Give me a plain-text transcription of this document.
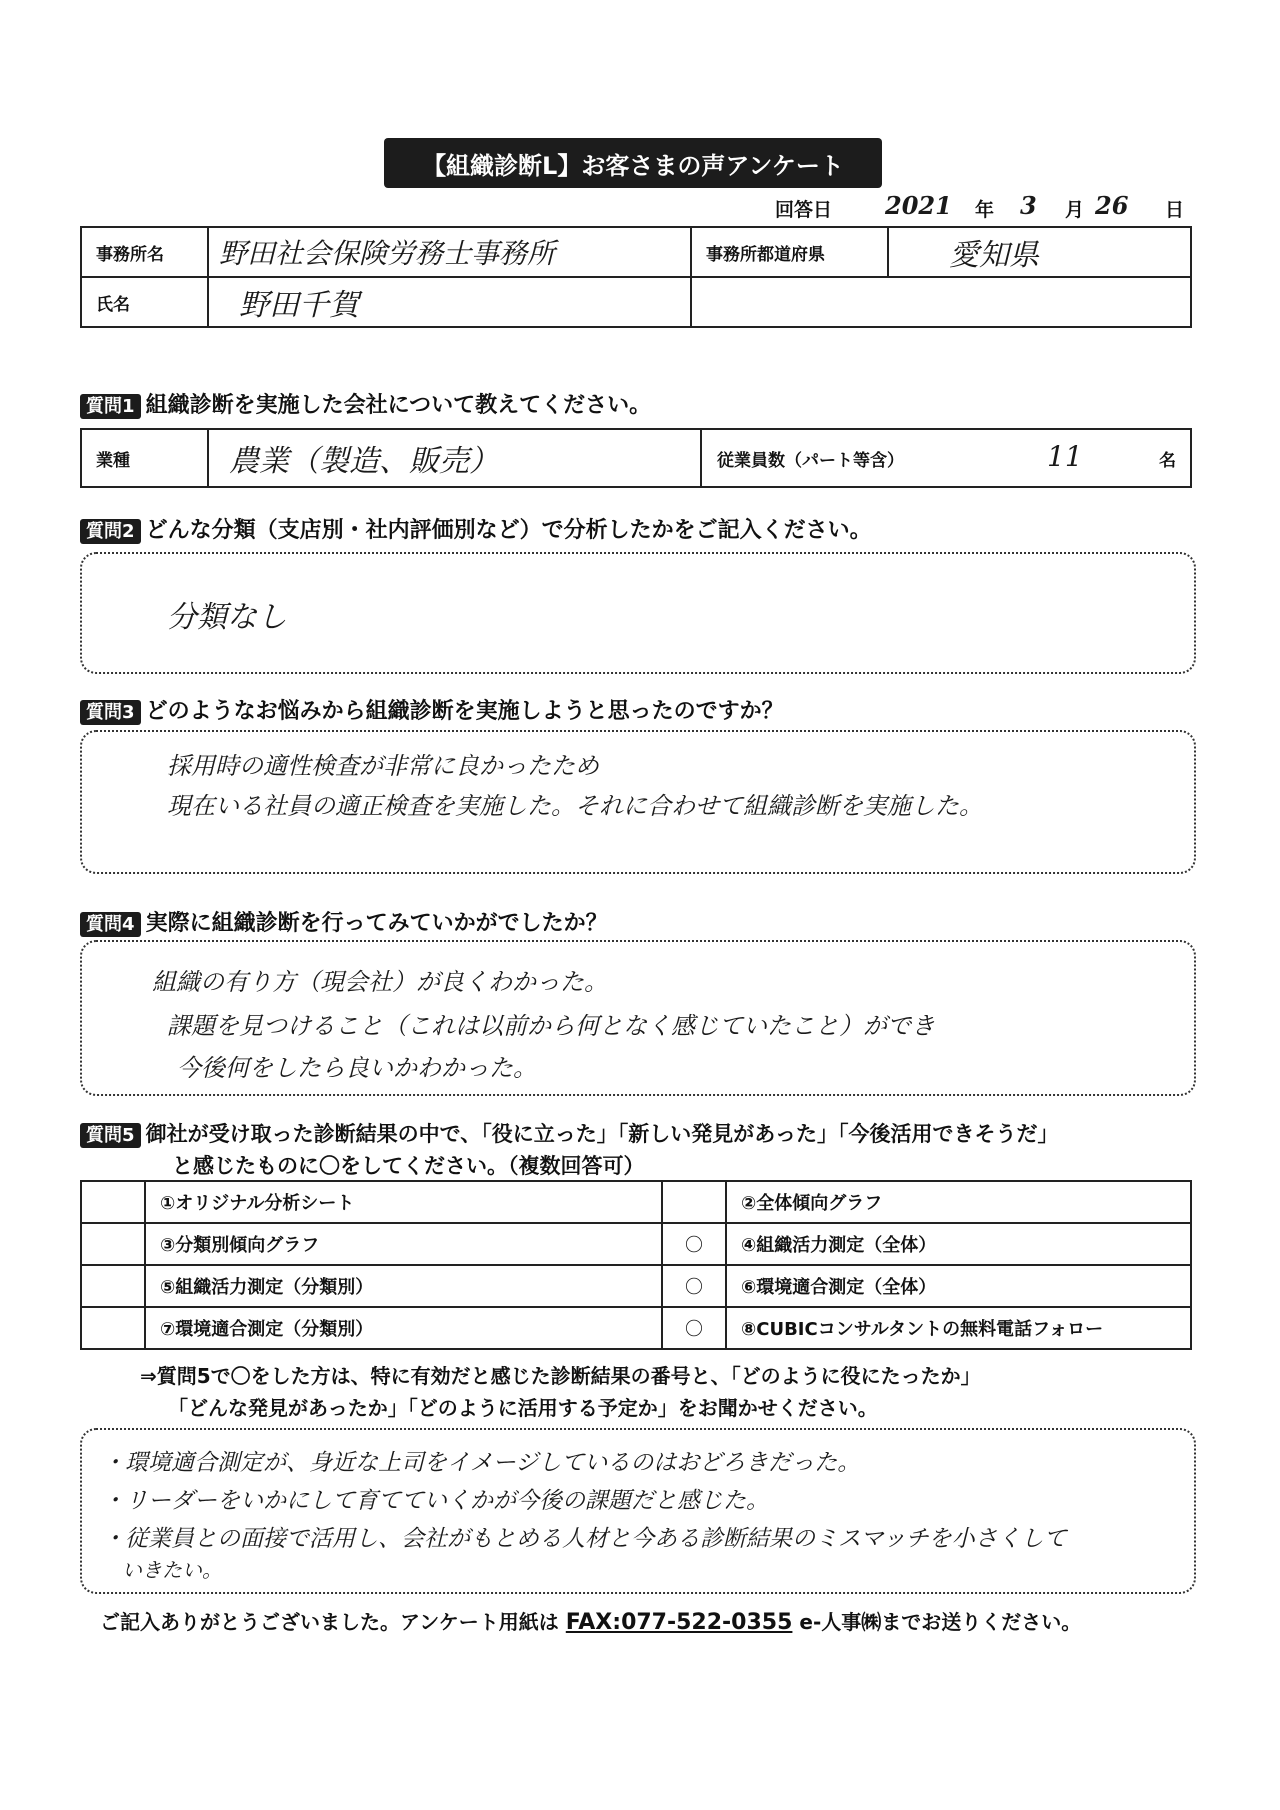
【組織診断L】お客さまの声アンケート
回答日 2021 年 3 月 26 日
事務所名	野田社会保険労務士事務所	事務所都道府県	愛知県
氏名	野田千賀		
質問1 組織診断を実施した会社について教えてください。
業種	農業（製造、販売）	従業員数（パート等含）	11	名
質問2 どんな分類（支店別・社内評価別など）で分析したかをご記入ください。
分類なし
質問3 どのようなお悩みから組織診断を実施しようと思ったのですか？
採用時の適性検査が非常に良かったため
現在いる社員の適正検査を実施した。それに合わせて組織診断を実施した。
質問4 実際に組織診断を行ってみていかがでしたか？
組織の有り方（現会社）が良くわかった。
課題を見つけること（これは以前から何となく感じていたこと）ができ
今後何をしたら良いかわかった。
質問5 御社が受け取った診断結果の中で、「役に立った」「新しい発見があった」「今後活用できそうだ」
と感じたものに〇をしてください。（複数回答可）
	①オリジナル分析シート		②全体傾向グラフ
	③分類別傾向グラフ	〇	④組織活力測定（全体）
	⑤組織活力測定（分類別）	〇	⑥環境適合測定（全体）
	⑦環境適合測定（分類別）	〇	⑧CUBICコンサルタントの無料電話フォロー
⇒質問5で〇をした方は、特に有効だと感じた診断結果の番号と、「どのように役にたったか」
「どんな発見があったか」「どのように活用する予定か」をお聞かせください。
・環境適合測定が、身近な上司をイメージしているのはおどろきだった。
・リーダーをいかにして育てていくかが今後の課題だと感じた。
・従業員との面接で活用し、会社がもとめる人材と今ある診断結果のミスマッチを小さくして
　いきたい。
ご記入ありがとうございました。アンケート用紙は FAX:077-522-0355 e-人事㈱までお送りください。
